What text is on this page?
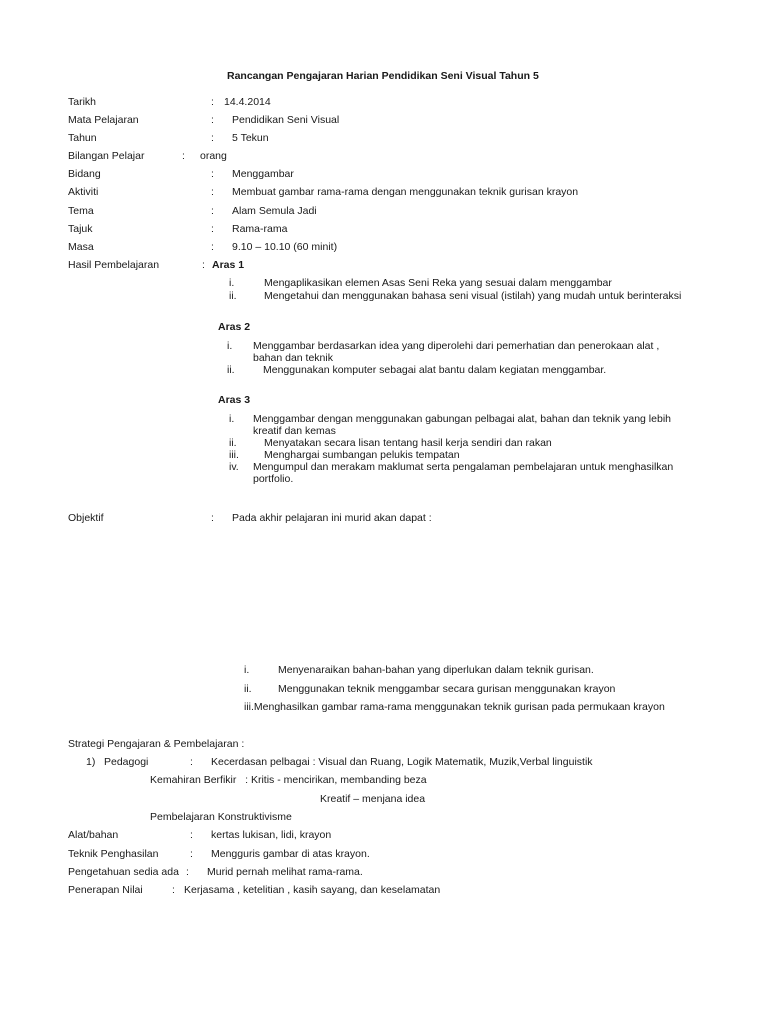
Rancangan Pengajaran Harian Pendidikan Seni Visual Tahun 5
Tarikh	: 14.4.2014
Mata Pelajaran	: Pendidikan Seni Visual
Tahun	: 5 Tekun
Bilangan Pelajar	: orang
Bidang	: Menggambar
Aktiviti	: Membuat gambar rama-rama dengan menggunakan teknik gurisan krayon
Tema	: Alam Semula Jadi
Tajuk	: Rama-rama
Masa	: 9.10 – 10.10 (60 minit)
Hasil Pembelajaran	: Aras 1
i.	Mengaplikasikan elemen Asas Seni Reka yang sesuai dalam menggambar
ii.	Mengetahui dan menggunakan bahasa seni visual (istilah) yang mudah untuk berinteraksi
Aras 2
i. Menggambar berdasarkan idea yang diperolehi dari pemerhatian dan penerokaan alat ,
bahan dan teknik
ii.	Menggunakan komputer sebagai alat bantu dalam kegiatan menggambar.
Aras 3
i. Menggambar dengan menggunakan gabungan pelbagai alat, bahan dan teknik yang lebih
kreatif dan kemas
ii.	Menyatakan secara lisan tentang hasil kerja sendiri dan rakan
iii. Menghargai sumbangan pelukis tempatan
iv. Mengumpul dan merakam maklumat serta pengalaman pembelajaran untuk menghasilkan
portfolio.
Objektif	: Pada akhir pelajaran ini murid akan dapat :
i.	Menyenaraikan bahan-bahan yang diperlukan dalam teknik gurisan.
ii.	Menggunakan teknik menggambar secara gurisan menggunakan krayon
iii.Menghasilkan gambar rama-rama menggunakan teknik gurisan pada permukaan krayon
Strategi Pengajaran & Pembelajaran :
1) Pedagogi	: Kecerdasan pelbagai : Visual dan Ruang, Logik Matematik, Muzik,Verbal linguistik
Kemahiran Berfikir   : Kritis - mencirikan, membanding beza
Kreatif – menjana idea
Pembelajaran Konstruktivisme
Alat/bahan	: kertas lukisan, lidi, krayon
Teknik Penghasilan	: Mengguris gambar di atas krayon.
Pengetahuan sedia ada : Murid pernah melihat rama-rama.
Penerapan Nilai	: Kerjasama , ketelitian , kasih sayang, dan keselamatan
